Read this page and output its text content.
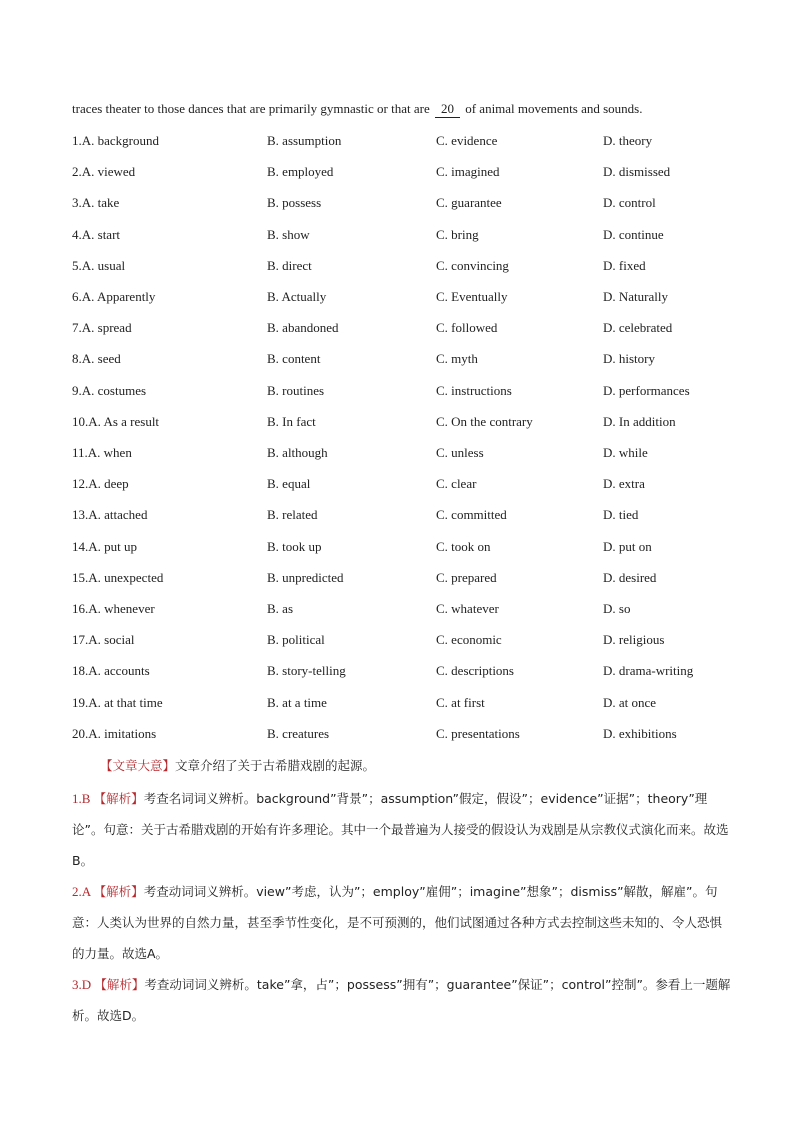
traces theater to those dances that are primarily gymnastic or that are 20 of animal movements and sounds.
1.A. background	B. assumption	C. evidence	D. theory
2.A. viewed	B. employed	C. imagined	D. dismissed
3.A. take	B. possess	C. guarantee	D. control
4.A. start	B. show	C. bring	D. continue
5.A. usual	B. direct	C. convincing	D. fixed
6.A. Apparently	B. Actually	C. Eventually	D. Naturally
7.A. spread	B. abandoned	C. followed	D. celebrated
8.A. seed	B. content	C. myth	D. history
9.A. costumes	B. routines	C. instructions	D. performances
10.A. As a result	B. In fact	C. On the contrary	D. In addition
11.A. when	B. although	C. unless	D. while
12.A. deep	B. equal	C. clear	D. extra
13.A. attached	B. related	C. committed	D. tied
14.A. put up	B. took up	C. took on	D. put on
15.A. unexpected	B. unpredicted	C. prepared	D. desired
16.A. whenever	B. as	C. whatever	D. so
17.A. social	B. political	C. economic	D. religious
18.A. accounts	B. story-telling	C. descriptions	D. drama-writing
19.A. at that time	B. at a time	C. at first	D. at once
20.A. imitations	B. creatures	C. presentations	D. exhibitions
【文章大意】文章介绍了关于古希腊戏剧的起源。
1.B 【解析】考查名词词义辨析。background”背景”；assumption”假定，假设”；evidence”证据”；theory”理论”。句意：关于古希腊戏剧的开始有许多理论。其中一个最普遍为人接受的假设认为戏剧是从宗教仪式演化而来。故选B。
2.A 【解析】考查动词词义辨析。view”考虑，认为”；employ”雇佣”；imagine”想象”；dismiss”解散，解雇”。句意：人类认为世界的自然力量，甚至季节性变化，是不可预测的，他们试图通过各种方式去控制这些未知的、令人恐惧的力量。故选A。
3.D 【解析】考查动词词义辨析。take”拿，占”；possess”拥有”；guarantee”保证”；control”控制”。参看上一题解析。故选D。
